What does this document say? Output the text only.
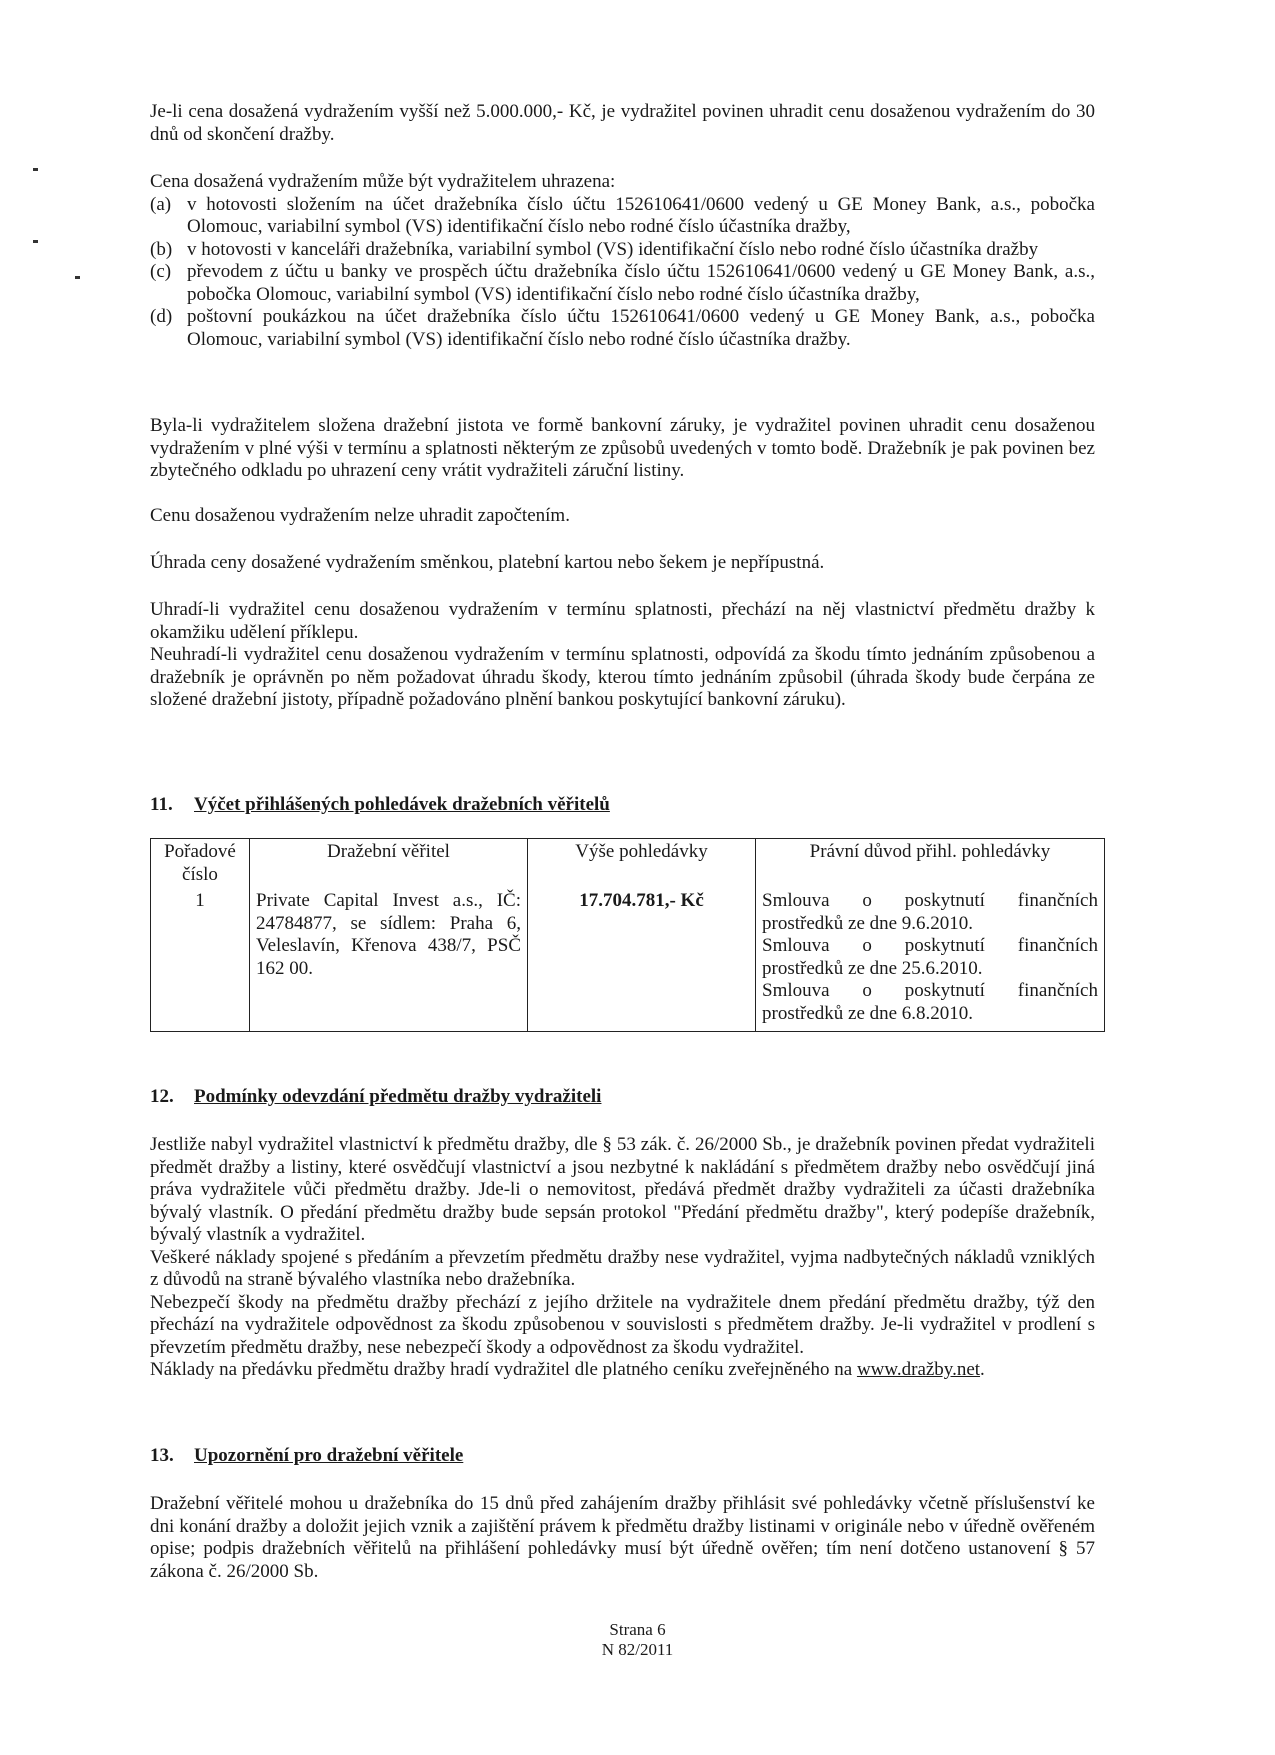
Je-li cena dosažená vydražením vyšší než 5.000.000,- Kč, je vydražitel povinen uhradit cenu dosaženou vydražením do 30 dnů od skončení dražby.

Cena dosažená vydražením může být vydražitelem uhrazena:

(a) v hotovosti složením na účet dražebníka číslo účtu 152610641/0600 vedený u GE Money Bank, a.s., pobočka Olomouc, variabilní symbol (VS) identifikační číslo nebo rodné číslo účastníka dražby,
(b) v hotovosti v kanceláři dražebníka, variabilní symbol (VS) identifikační číslo nebo rodné číslo účastníka dražby
(c) převodem z účtu u banky ve prospěch účtu dražebníka číslo účtu 152610641/0600 vedený u GE Money Bank, a.s., pobočka Olomouc, variabilní symbol (VS) identifikační číslo nebo rodné číslo účastníka dražby,
(d) poštovní poukázkou na účet dražebníka číslo účtu 152610641/0600 vedený u GE Money Bank, a.s., pobočka Olomouc, variabilní symbol (VS) identifikační číslo nebo rodné číslo účastníka dražby.

Byla-li vydražitelem složena dražební jistota ve formě bankovní záruky, je vydražitel povinen uhradit cenu dosaženou vydražením v plné výši v termínu a splatnosti některým ze způsobů uvedených v tomto bodě. Dražebník je pak povinen bez zbytečného odkladu po uhrazení ceny vrátit vydražiteli záruční listiny.

Cenu dosaženou vydražením nelze uhradit započtením.

Úhrada ceny dosažené vydražením směnkou, platební kartou nebo šekem je nepřípustná.

Uhradí-li vydražitel cenu dosaženou vydražením v termínu splatnosti, přechází na něj vlastnictví předmětu dražby k okamžiku udělení příklepu.

Neuhradí-li vydražitel cenu dosaženou vydražením v termínu splatnosti, odpovídá za škodu tímto jednáním způsobenou a dražebník je oprávněn po něm požadovat úhradu škody, kterou tímto jednáním způsobil (úhrada škody bude čerpána ze složené dražební jistoty, případně požadováno plnění bankou poskytující bankovní záruku).

11. Výčet přihlášených pohledávek dražebních věřitelů
Pořadové číslo	Dražební věřitel	Výše pohledávky	Právní důvod přihl. pohledávky
1	Private Capital Invest a.s., IČ: 24784877, se sídlem: Praha 6, Veleslavín, Křenova 438/7, PSČ 162 00.	17.704.781,- Kč	Smlouva o poskytnutí finančních prostředků ze dne 9.6.2010.
Smlouva o poskytnutí finančních prostředků ze dne 25.6.2010.
Smlouva o poskytnutí finančních prostředků ze dne 6.8.2010.
12. Podmínky odevzdání předmětu dražby vydražiteli

Jestliže nabyl vydražitel vlastnictví k předmětu dražby, dle § 53 zák. č. 26/2000 Sb., je dražebník povinen předat vydražiteli předmět dražby a listiny, které osvědčují vlastnictví a jsou nezbytné k nakládání s předmětem dražby nebo osvědčují jiná práva vydražitele vůči předmětu dražby. Jde-li o nemovitost, předává předmět dražby vydražiteli za účasti dražebníka bývalý vlastník. O předání předmětu dražby bude sepsán protokol "Předání předmětu dražby", který podepíše dražebník, bývalý vlastník a vydražitel.

Veškeré náklady spojené s předáním a převzetím předmětu dražby nese vydražitel, vyjma nadbytečných nákladů vzniklých z důvodů na straně bývalého vlastníka nebo dražebníka.

Nebezpečí škody na předmětu dražby přechází z jejího držitele na vydražitele dnem předání předmětu dražby, týž den přechází na vydražitele odpovědnost za škodu způsobenou v souvislosti s předmětem dražby. Je-li vydražitel v prodlení s převzetím předmětu dražby, nese nebezpečí škody a odpovědnost za škodu vydražitel.

Náklady na předávku předmětu dražby hradí vydražitel dle platného ceníku zveřejněného na www.dražby.net.

13. Upozornění pro dražební věřitele

Dražební věřitelé mohou u dražebníka do 15 dnů před zahájením dražby přihlásit své pohledávky včetně příslušenství ke dni konání dražby a doložit jejich vznik a zajištění právem k předmětu dražby listinami v originále nebo v úředně ověřeném opise; podpis dražebních věřitelů na přihlášení pohledávky musí být úředně ověřen; tím není dotčeno ustanovení § 57 zákona č. 26/2000 Sb.

Strana 6
N 82/2011
